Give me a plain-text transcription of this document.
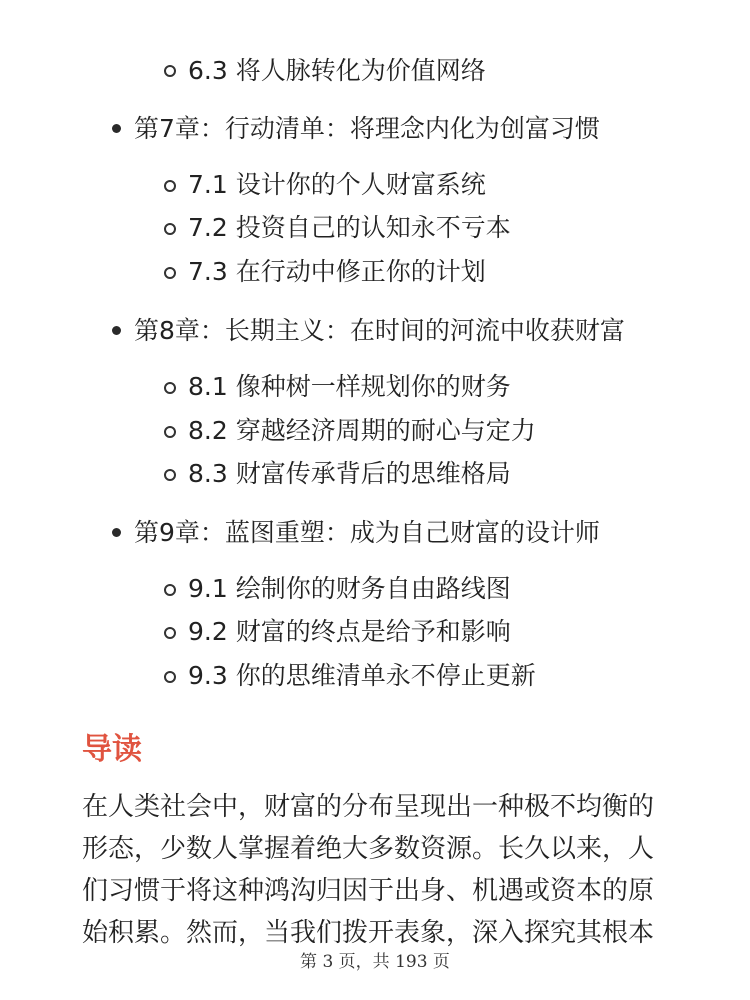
6.3 将人脉转化为价值网络
第7章：行动清单：将理念内化为创富习惯
7.1 设计你的个人财富系统
7.2 投资自己的认知永不亏本
7.3 在行动中修正你的计划
第8章：长期主义：在时间的河流中收获财富
8.1 像种树一样规划你的财务
8.2 穿越经济周期的耐心与定力
8.3 财富传承背后的思维格局
第9章：蓝图重塑：成为自己财富的设计师
9.1 绘制你的财务自由路线图
9.2 财富的终点是给予和影响
9.3 你的思维清单永不停止更新
导读
在人类社会中，财富的分布呈现出一种极不均衡的
形态，少数人掌握着绝大多数资源。长久以来，人
们习惯于将这种鸿沟归因于出身、机遇或资本的原
始积累。然而，当我们拨开表象，深入探究其根本
第 3 页，共 193 页
